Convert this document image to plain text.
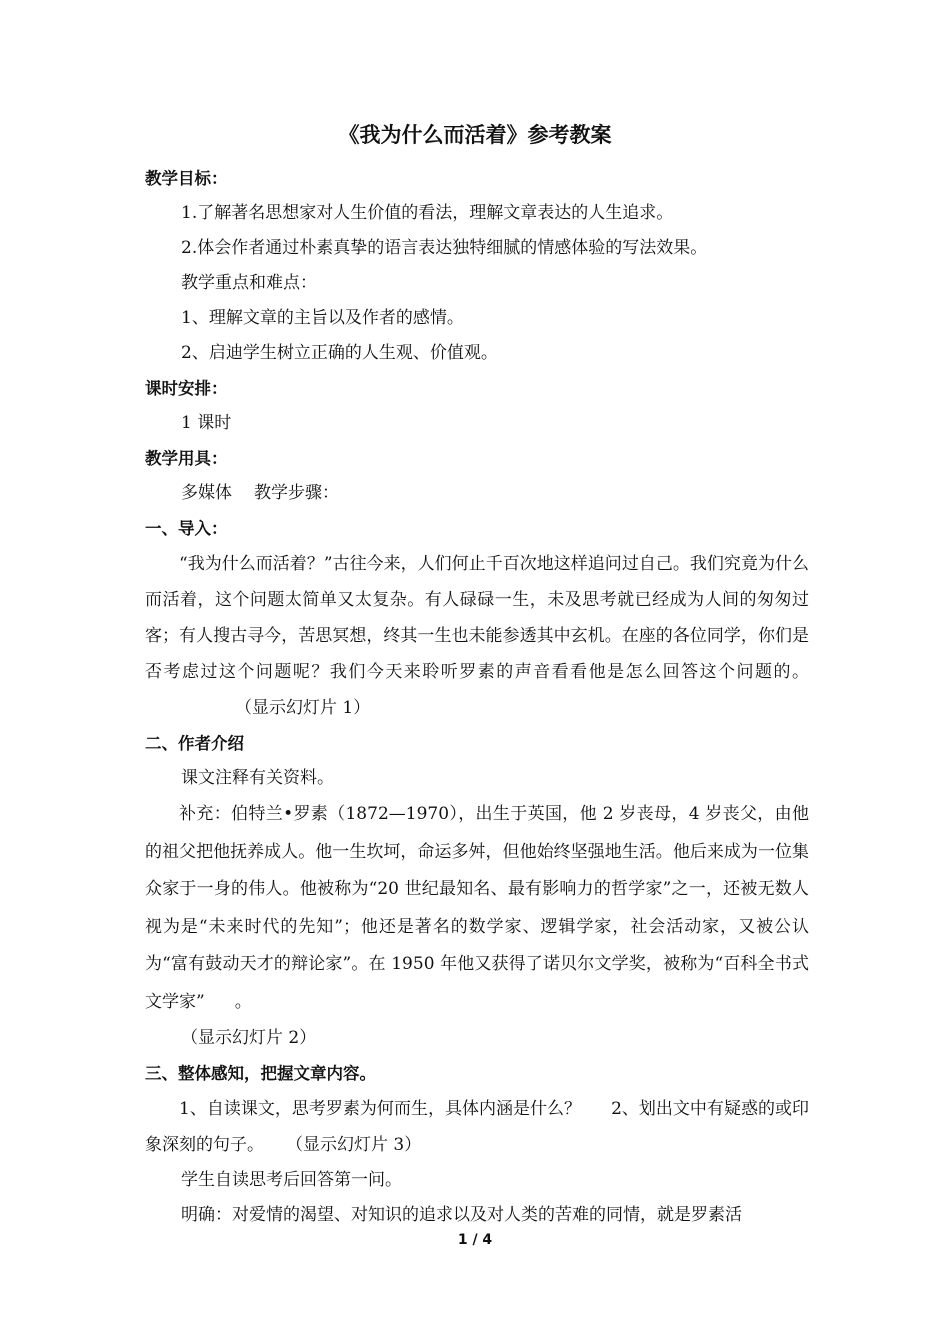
《我为什么而活着》参考教案
教学目标：
1.了解著名思想家对人生价值的看法，理解文章表达的人生追求。
2.体会作者通过朴素真挚的语言表达独特细腻的情感体验的写法效果。
教学重点和难点：
1、理解文章的主旨以及作者的感情。
2、启迪学生树立正确的人生观、价值观。
课时安排：
1 课时
教学用具：
多媒体 教学步骤：
一、导入：
“我为什么而活着？”古往今来，人们何止千百次地这样追问过自己。我们究竟为什么而活着，这个问题太简单又太复杂。有人碌碌一生，未及思考就已经成为人间的匆匆过客；有人搜古寻今，苦思冥想，终其一生也未能参透其中玄机。在座的各位同学，你们是否考虑过这个问题呢？我们今天来聆听罗素的声音看看他是怎么回答这个问题的。（显示幻灯片 1）
二、作者介绍
课文注释有关资料。
补充：伯特兰•罗素（1872—1970），出生于英国，他 2 岁丧母，4 岁丧父，由他的祖父把他抚养成人。他一生坎坷，命运多舛，但他始终坚强地生活。他后来成为一位集众家于一身的伟人。他被称为“20 世纪最知名、最有影响力的哲学家”之一，还被无数人视为是“未来时代的先知”；他还是著名的数学家、逻辑学家，社会活动家，又被公认为“富有鼓动天才的辩论家”。在 1950 年他又获得了诺贝尔文学奖，被称为“百科全书式文学家” 。
（显示幻灯片 2）
三、整体感知，把握文章内容。
1、自读课文，思考罗素为何而生，具体内涵是什么？ 2、划出文中有疑惑的或印象深刻的句子。 （显示幻灯片 3）
学生自读思考后回答第一问。
明确：对爱情的渴望、对知识的追求以及对人类的苦难的同情，就是罗素活
1 / 4
